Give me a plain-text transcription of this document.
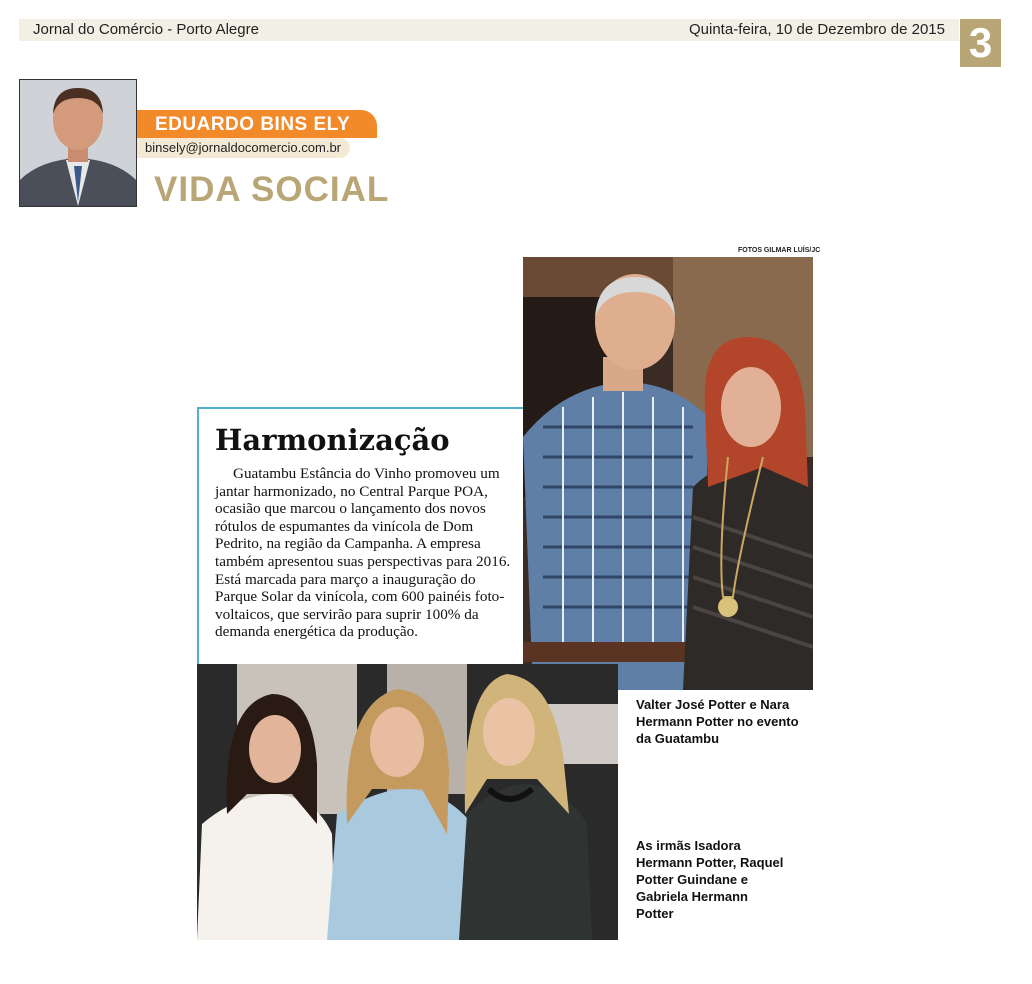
Jornal do Comércio - Porto Alegre	Quinta-feira, 10 de Dezembro de 2015 3
EDUARDO BINS ELY
binsely@jornaldocomercio.com.br
VIDA SOCIAL
FOTOS GILMAR LUÍS/JC
Harmonização

Guatambu Estância do Vinho promoveu um jantar harmonizado, no Central Parque POA, ocasião que marcou o lançamento dos novos rótulos de espumantes da vinícola de Dom Pedrito, na região da Campanha. A empresa também apresentou suas perspectivas para 2016. Está marcada para março a inauguração do Parque Solar da vinícola, com 600 painéis foto-voltaicos, que servirão para suprir 100% da demanda energética da produção.

Valter José Potter e Nara Hermann Potter no evento da Guatambu
As irmãs Isadora Hermann Potter, Raquel Potter Guindane e Gabriela Hermann Potter
